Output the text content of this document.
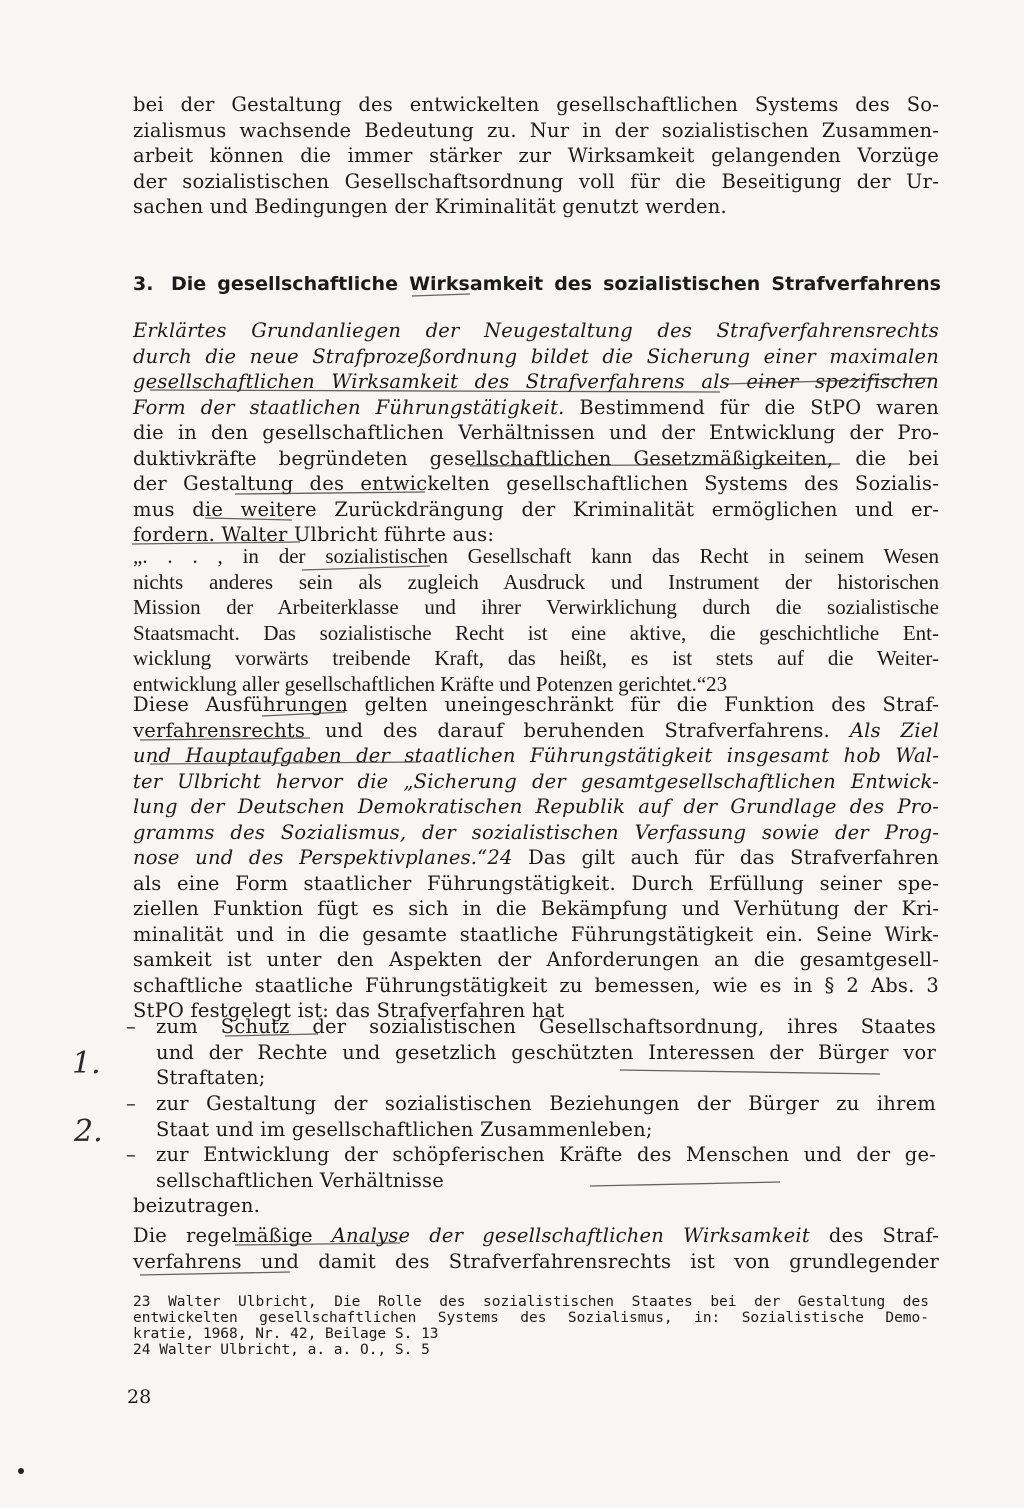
bei der Gestaltung des entwickelten gesellschaftlichen Systems des So-
zialismus wachsende Bedeutung zu. Nur in der sozialistischen Zusammen-
arbeit können die immer stärker zur Wirksamkeit gelangenden Vorzüge
der sozialistischen Gesellschaftsordnung voll für die Beseitigung der Ur-
sachen und Bedingungen der Kriminalität genutzt werden.
3. Die gesellschaftliche Wirksamkeit des sozialistischen Strafverfahrens
Erklärtes Grundanliegen der Neugestaltung des Strafverfahrensrechts
durch die neue Strafprozeßordnung bildet die Sicherung einer maximalen
gesellschaftlichen Wirksamkeit des Strafverfahrens als einer spezifischen
Form der staatlichen Führungstätigkeit. Bestimmend für die StPO waren
die in den gesellschaftlichen Verhältnissen und der Entwicklung der Pro-
duktivkräfte begründeten gesellschaftlichen Gesetzmäßigkeiten, die bei
der Gestaltung des entwickelten gesellschaftlichen Systems des Sozialis-
mus die weitere Zurückdrängung der Kriminalität ermöglichen und er-
fordern. Walter Ulbricht führte aus:
„. . . , in der sozialistischen Gesellschaft kann das Recht in seinem Wesen
nichts anderes sein als zugleich Ausdruck und Instrument der historischen
Mission der Arbeiterklasse und ihrer Verwirklichung durch die sozialistische
Staatsmacht. Das sozialistische Recht ist eine aktive, die geschichtliche Ent-
wicklung vorwärts treibende Kraft, das heißt, es ist stets auf die Weiter-
entwicklung aller gesellschaftlichen Kräfte und Potenzen gerichtet.“23
Diese Ausführungen gelten uneingeschränkt für die Funktion des Straf-
verfahrensrechts und des darauf beruhenden Strafverfahrens. Als Ziel
und Hauptaufgaben der staatlichen Führungstätigkeit insgesamt hob Wal-
ter Ulbricht hervor die „Sicherung der gesamtgesellschaftlichen Entwick-
lung der Deutschen Demokratischen Republik auf der Grundlage des Pro-
gramms des Sozialismus, der sozialistischen Verfassung sowie der Prog-
nose und des Perspektivplanes.“24 Das gilt auch für das Strafverfahren
als eine Form staatlicher Führungstätigkeit. Durch Erfüllung seiner spe-
ziellen Funktion fügt es sich in die Bekämpfung und Verhütung der Kri-
minalität und in die gesamte staatliche Führungstätigkeit ein. Seine Wirk-
samkeit ist unter den Aspekten der Anforderungen an die gesamtgesell-
schaftliche staatliche Führungstätigkeit zu bemessen, wie es in § 2 Abs. 3
StPO festgelegt ist: das Strafverfahren hat
– zum Schutz der sozialistischen Gesellschaftsordnung, ihres Staates
und der Rechte und gesetzlich geschützten Interessen der Bürger vor
Straftaten;
– zur Gestaltung der sozialistischen Beziehungen der Bürger zu ihrem
Staat und im gesellschaftlichen Zusammenleben;
– zur Entwicklung der schöpferischen Kräfte des Menschen und der ge-
sellschaftlichen Verhältnisse
beizutragen.
Die regelmäßige Analyse der gesellschaftlichen Wirksamkeit des Straf-
verfahrens und damit des Strafverfahrensrechts ist von grundlegender
23 Walter Ulbricht, Die Rolle des sozialistischen Staates bei der Gestaltung des
entwickelten gesellschaftlichen Systems des Sozialismus, in: Sozialistische Demo-
kratie, 1968, Nr. 42, Beilage S. 13
24 Walter Ulbricht, a. a. O., S. 5
28
1.
2.
